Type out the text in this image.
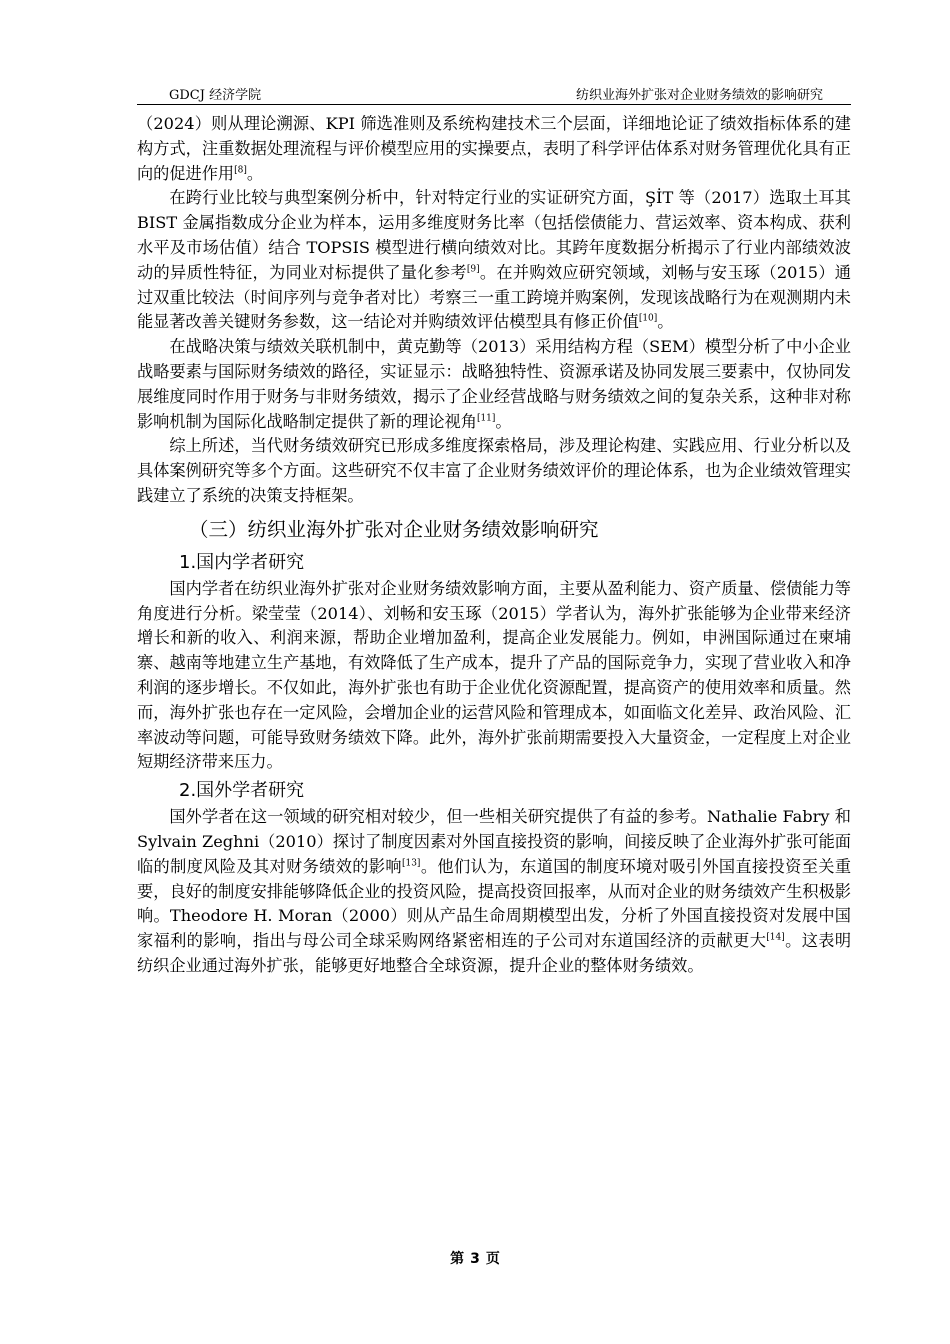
GDCJ 经济学院	纺织业海外扩张对企业财务绩效的影响研究

（2024）则从理论溯源、KPI 筛选准则及系统构建技术三个层面，详细地论证了绩效指标体系的建构方式，注重数据处理流程与评价模型应用的实操要点，表明了科学评估体系对财务管理优化具有正向的促进作用[8]。

在跨行业比较与典型案例分析中，针对特定行业的实证研究方面，ŞİT 等（2017）选取土耳其 BIST 金属指数成分企业为样本，运用多维度财务比率（包括偿债能力、营运效率、资本构成、获利水平及市场估值）结合 TOPSIS 模型进行横向绩效对比。其跨年度数据分析揭示了行业内部绩效波动的异质性特征，为同业对标提供了量化参考[9]。在并购效应研究领域，刘畅与安玉琢（2015）通过双重比较法（时间序列与竞争者对比）考察三一重工跨境并购案例，发现该战略行为在观测期内未能显著改善关键财务参数，这一结论对并购绩效评估模型具有修正价值[10]。

在战略决策与绩效关联机制中，黄克勤等（2013）采用结构方程（SEM）模型分析了中小企业战略要素与国际财务绩效的路径，实证显示：战略独特性、资源承诺及协同发展三要素中，仅协同发展维度同时作用于财务与非财务绩效，揭示了企业经营战略与财务绩效之间的复杂关系，这种非对称影响机制为国际化战略制定提供了新的理论视角[11]。

综上所述，当代财务绩效研究已形成多维度探索格局，涉及理论构建、实践应用、行业分析以及具体案例研究等多个方面。这些研究不仅丰富了企业财务绩效评价的理论体系，也为企业绩效管理实践建立了系统的决策支持框架。

（三）纺织业海外扩张对企业财务绩效影响研究
1.国内学者研究

国内学者在纺织业海外扩张对企业财务绩效影响方面，主要从盈利能力、资产质量、偿债能力等角度进行分析。梁莹莹（2014）、刘畅和安玉琢（2015）学者认为，海外扩张能够为企业带来经济增长和新的收入、利润来源，帮助企业增加盈利，提高企业发展能力。例如，申洲国际通过在柬埔寨、越南等地建立生产基地，有效降低了生产成本，提升了产品的国际竞争力，实现了营业收入和净利润的逐步增长。不仅如此，海外扩张也有助于企业优化资源配置，提高资产的使用效率和质量。然而，海外扩张也存在一定风险，会增加企业的运营风险和管理成本，如面临文化差异、政治风险、汇率波动等问题，可能导致财务绩效下降。此外，海外扩张前期需要投入大量资金，一定程度上对企业短期经济带来压力。

2.国外学者研究

国外学者在这一领域的研究相对较少，但一些相关研究提供了有益的参考。Nathalie Fabry 和 Sylvain Zeghni（2010）探讨了制度因素对外国直接投资的影响，间接反映了企业海外扩张可能面临的制度风险及其对财务绩效的影响[13]。他们认为，东道国的制度环境对吸引外国直接投资至关重要，良好的制度安排能够降低企业的投资风险，提高投资回报率，从而对企业的财务绩效产生积极影响。Theodore H. Moran（2000）则从产品生命周期模型出发，分析了外国直接投资对发展中国家福利的影响，指出与母公司全球采购网络紧密相连的子公司对东道国经济的贡献更大[14]。这表明纺织企业通过海外扩张，能够更好地整合全球资源，提升企业的整体财务绩效。

第 3 页
